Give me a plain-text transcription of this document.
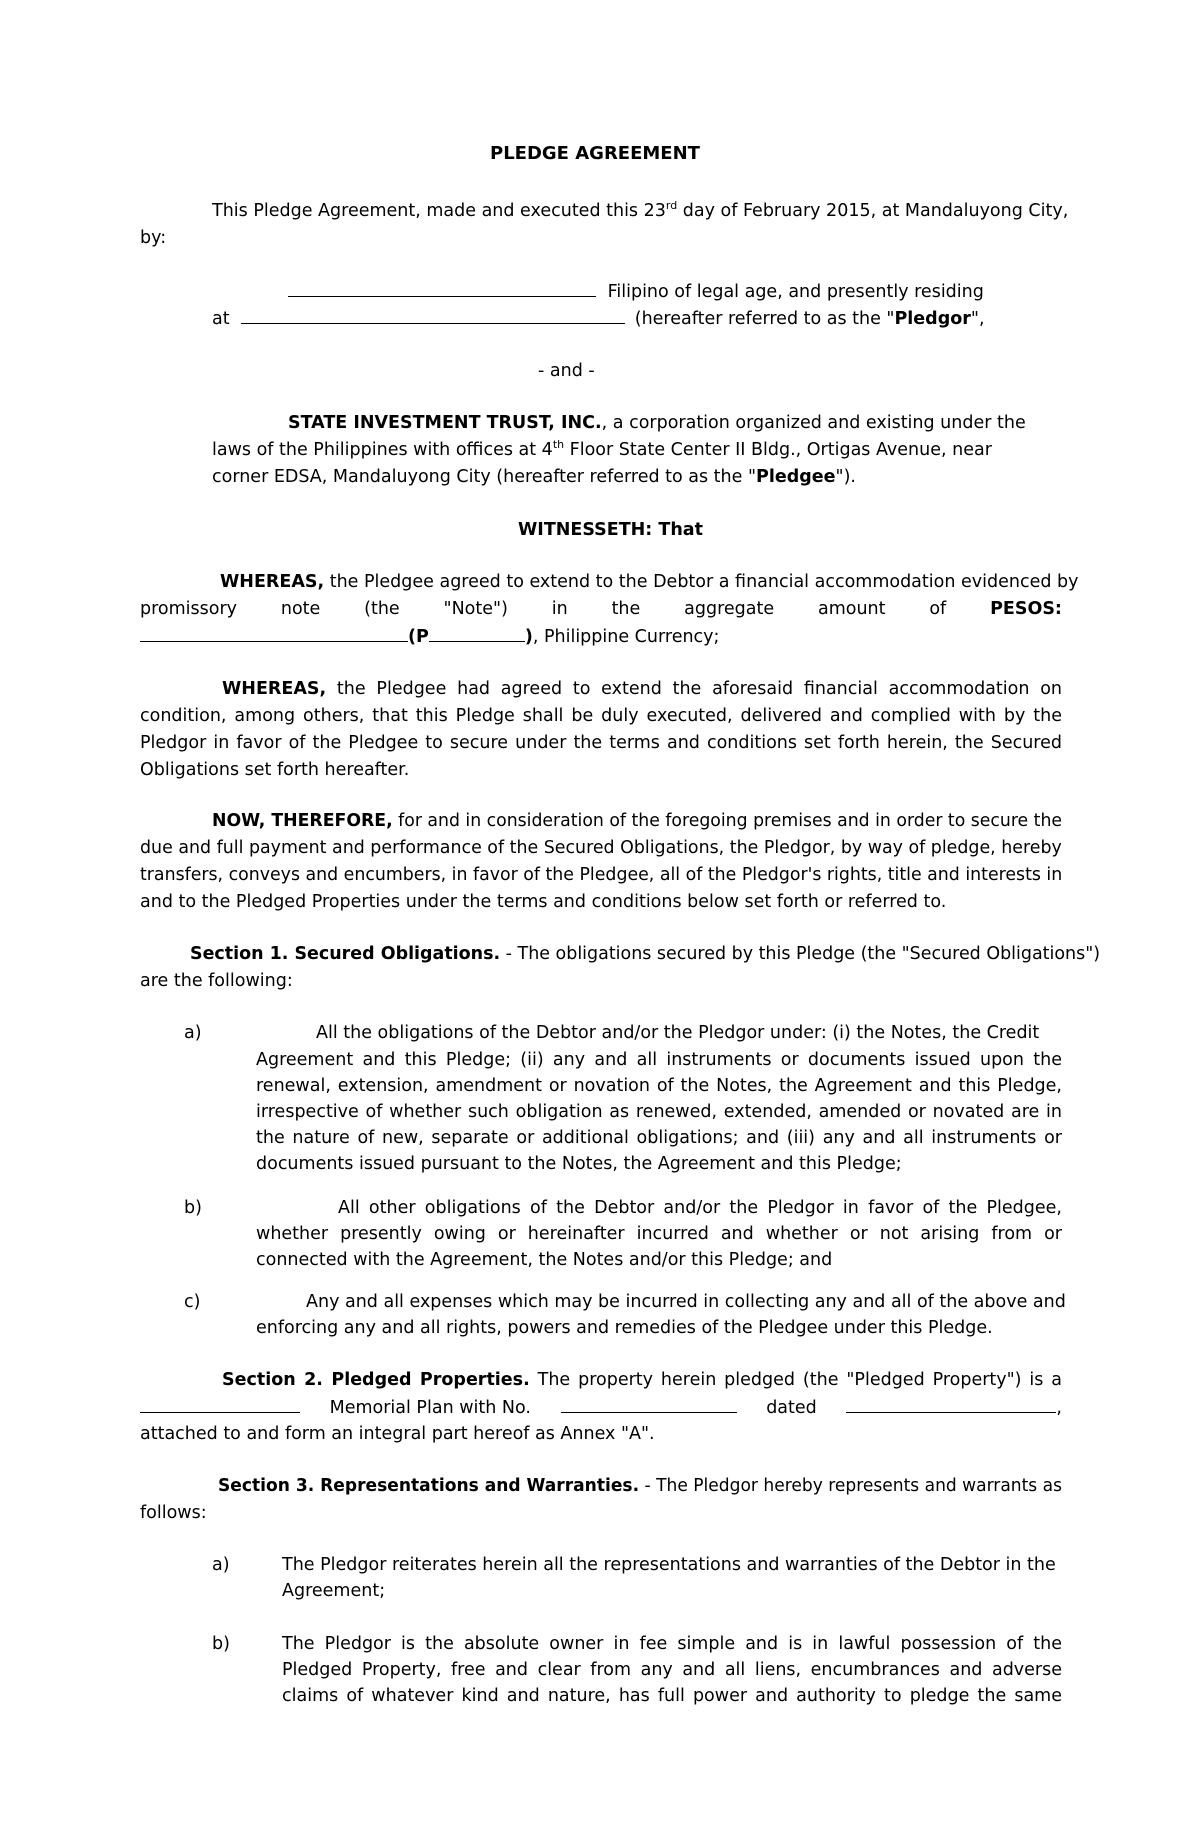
PLEDGE AGREEMENT
This Pledge Agreement, made and executed this 23rd day of February 2015, at Mandaluyong City,
by:
Filipino of legal age, and presently residing
at	(hereafter referred to as the "Pledgor",
- and -
STATE INVESTMENT TRUST, INC., a corporation organized and existing under the
laws of the Philippines with offices at 4th Floor State Center II Bldg., Ortigas Avenue, near
corner EDSA, Mandaluyong City (hereafter referred to as the "Pledgee").
WITNESSETH: That
WHEREAS, the Pledgee agreed to extend to the Debtor a financial accommodation evidenced by
promissory	note	(the	"Note")	in	the	aggregate	amount	of	PESOS:
(P	), Philippine Currency;
WHEREAS, the Pledgee had agreed to extend the aforesaid financial accommodation on
condition, among others, that this Pledge shall be duly executed, delivered and complied with by the
Pledgor in favor of the Pledgee to secure under the terms and conditions set forth herein, the Secured
Obligations set forth hereafter.
NOW, THEREFORE, for and in consideration of the foregoing premises and in order to secure the
due and full payment and performance of the Secured Obligations, the Pledgor, by way of pledge, hereby
transfers, conveys and encumbers, in favor of the Pledgee, all of the Pledgor's rights, title and interests in
and to the Pledged Properties under the terms and conditions below set forth or referred to.
Section 1. Secured Obligations. - The obligations secured by this Pledge (the "Secured Obligations")
are the following:
a)	All the obligations of the Debtor and/or the Pledgor under: (i) the Notes, the Credit
Agreement and this Pledge; (ii) any and all instruments or documents issued upon the
renewal, extension, amendment or novation of the Notes, the Agreement and this Pledge,
irrespective of whether such obligation as renewed, extended, amended or novated are in
the nature of new, separate or additional obligations; and (iii) any and all instruments or
documents issued pursuant to the Notes, the Agreement and this Pledge;
b)	All other obligations of the Debtor and/or the Pledgor in favor of the Pledgee,
whether presently owing or hereinafter incurred and whether or not arising from or
connected with the Agreement, the Notes and/or this Pledge; and
c)	Any and all expenses which may be incurred in collecting any and all of the above and
enforcing any and all rights, powers and remedies of the Pledgee under this Pledge.
Section 2. Pledged Properties. The property herein pledged (the "Pledged Property") is a
Memorial Plan with No.	dated	,
attached to and form an integral part hereof as Annex "A".
Section 3. Representations and Warranties. - The Pledgor hereby represents and warrants as
follows:
a)	The Pledgor reiterates herein all the representations and warranties of the Debtor in the
Agreement;
b)	The Pledgor is the absolute owner in fee simple and is in lawful possession of the
Pledged Property, free and clear from any and all liens, encumbrances and adverse
claims of whatever kind and nature, has full power and authority to pledge the same
